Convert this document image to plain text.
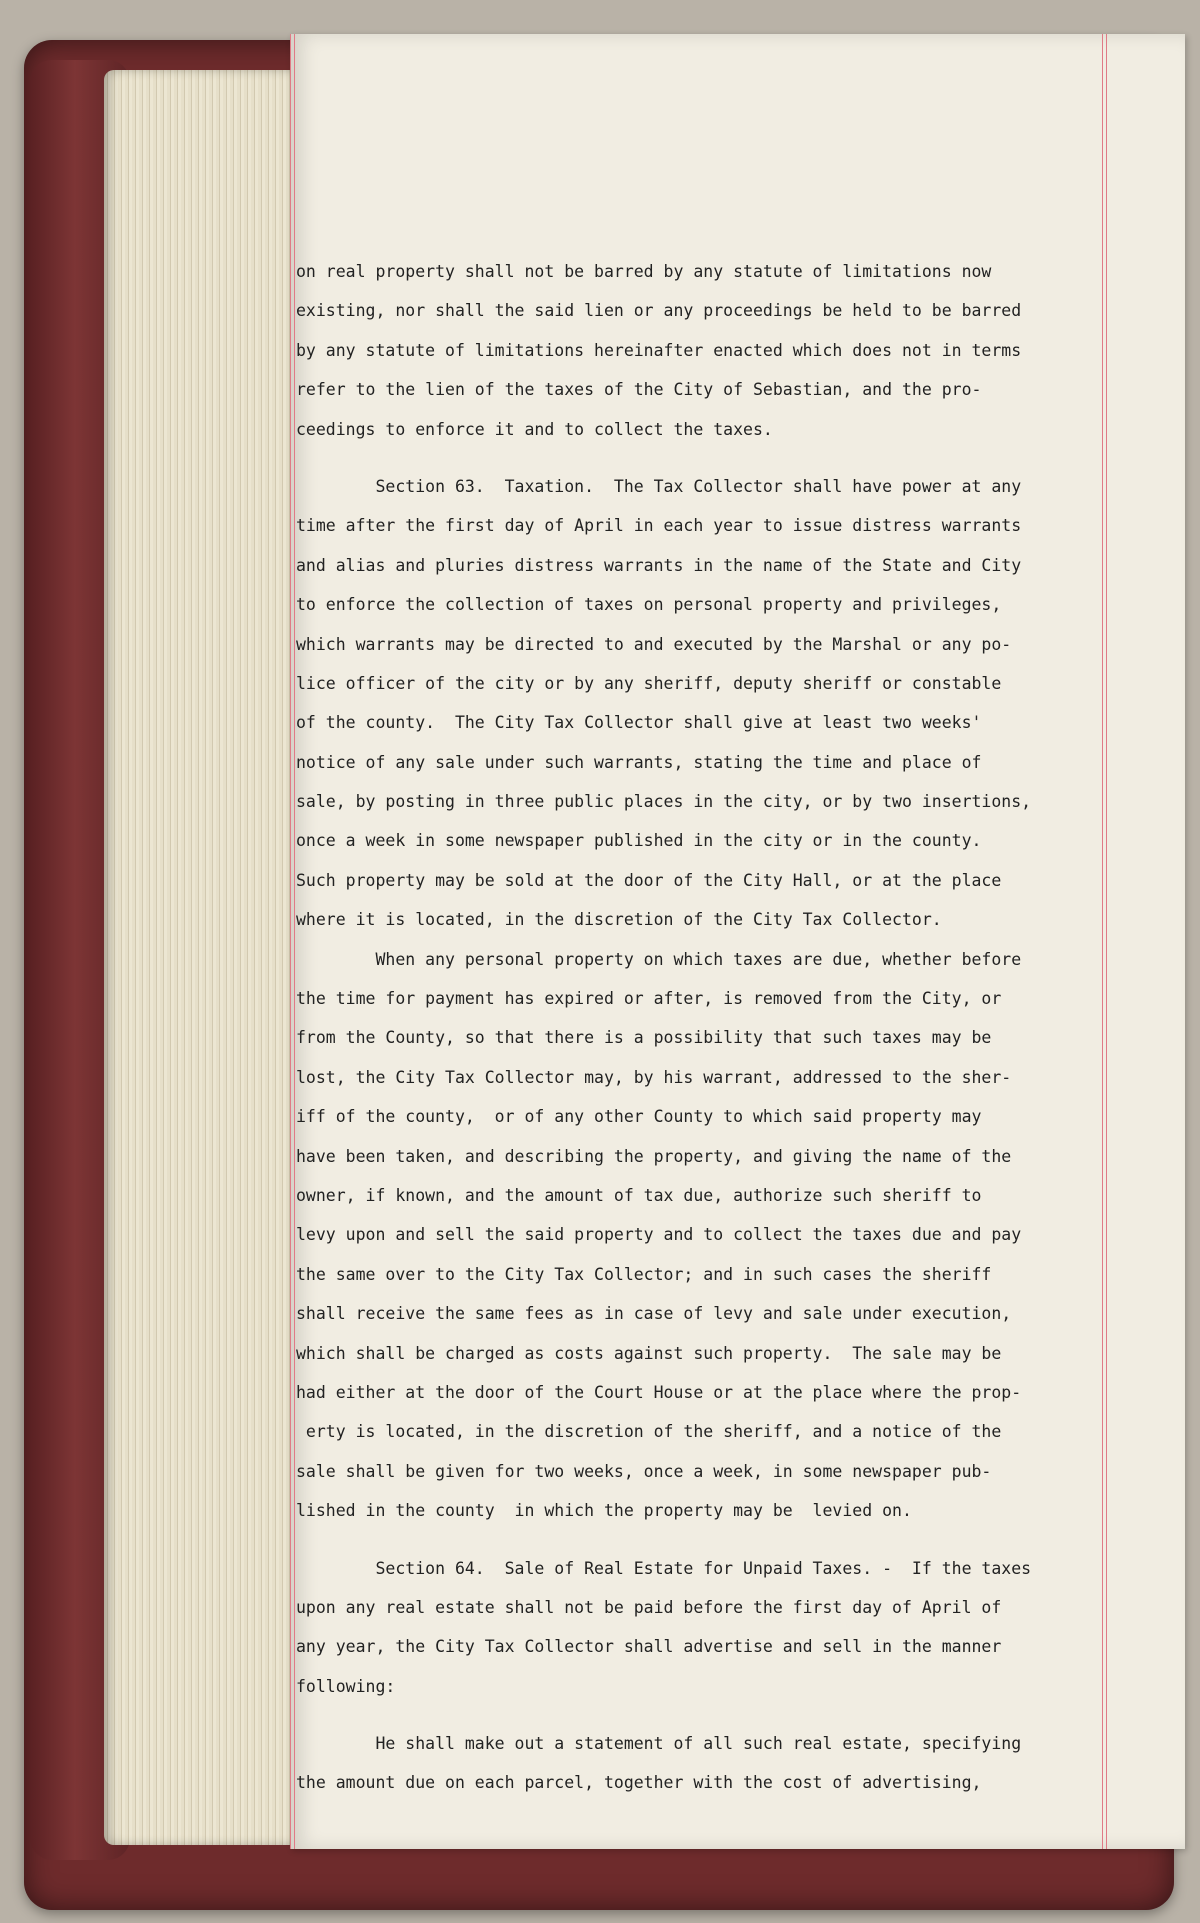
on real property shall not be barred by any statute of limitations now
existing, nor shall the said lien or any proceedings be held to be barred
by any statute of limitations hereinafter enacted which does not in terms
refer to the lien of the taxes of the City of Sebastian, and the pro-
ceedings to enforce it and to collect the taxes.

Section 63.  Taxation.  The Tax Collector shall have power at any
time after the first day of April in each year to issue distress warrants
and alias and pluries distress warrants in the name of the State and City
to enforce the collection of taxes on personal property and privileges,
which warrants may be directed to and executed by the Marshal or any po-
lice officer of the city or by any sheriff, deputy sheriff or constable
of the county.  The City Tax Collector shall give at least two weeks'
notice of any sale under such warrants, stating the time and place of
sale, by posting in three public places in the city, or by two insertions,
once a week in some newspaper published in the city or in the county.
Such property may be sold at the door of the City Hall, or at the place
where it is located, in the discretion of the City Tax Collector.
When any personal property on which taxes are due, whether before
the time for payment has expired or after, is removed from the City, or
from the County, so that there is a possibility that such taxes may be
lost, the City Tax Collector may, by his warrant, addressed to the sher-
iff of the county,  or of any other County to which said property may
have been taken, and describing the property, and giving the name of the
owner, if known, and the amount of tax due, authorize such sheriff to
levy upon and sell the said property and to collect the taxes due and pay
the same over to the City Tax Collector; and in such cases the sheriff
shall receive the same fees as in case of levy and sale under execution,
which shall be charged as costs against such property.  The sale may be
had either at the door of the Court House or at the place where the prop-
erty is located, in the discretion of the sheriff, and a notice of the
sale shall be given for two weeks, once a week, in some newspaper pub-
lished in the county  in which the property may be  levied on.

Section 64.  Sale of Real Estate for Unpaid Taxes. -  If the taxes
upon any real estate shall not be paid before the first day of April of
any year, the City Tax Collector shall advertise and sell in the manner
following:

He shall make out a statement of all such real estate, specifying
the amount due on each parcel, together with the cost of advertising,
